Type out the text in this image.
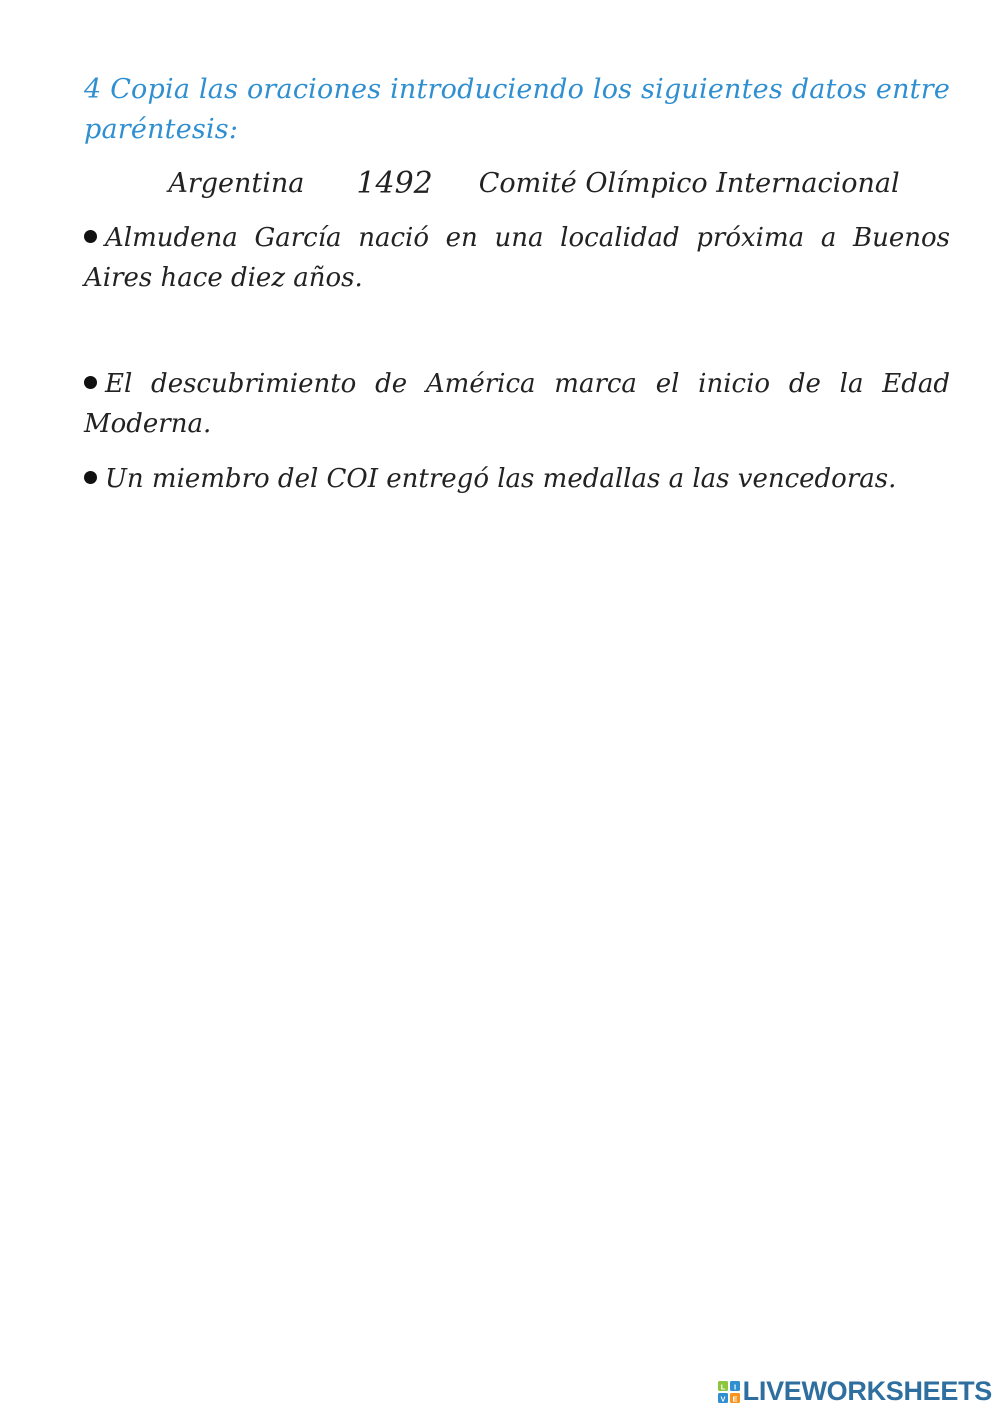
4 Copia las oraciones introduciendo los siguientes datos entre paréntesis:
Argentina 1492 Comité Olímpico Internacional
Almudena García nació en una localidad próxima a Buenos Aires hace diez años.
El descubrimiento de América marca el inicio de la Edad Moderna.
Un miembro del COI entregó las medallas a las vencedoras.
L I
V E LIVEWORKSHEETS
